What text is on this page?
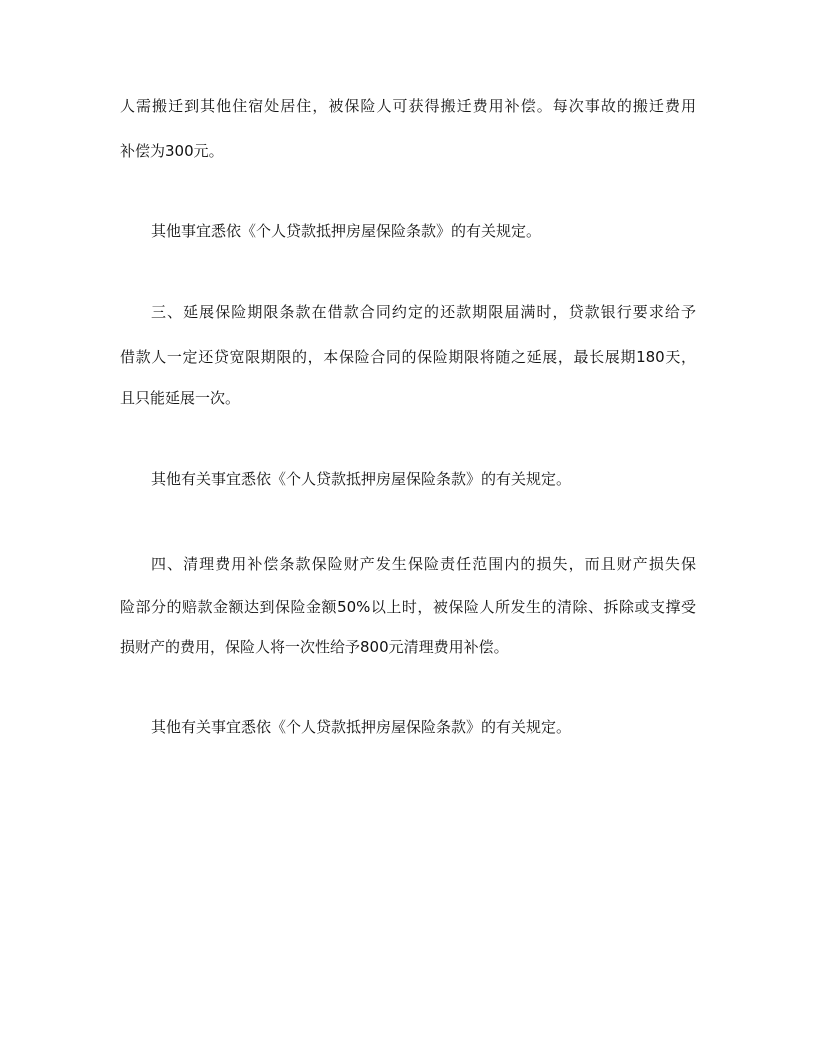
人需搬迁到其他住宿处居住，被保险人可获得搬迁费用补偿。每次事故的搬迁费用
补偿为300元。
其他事宜悉依《个人贷款抵押房屋保险条款》的有关规定。
三、延展保险期限条款在借款合同约定的还款期限届满时，贷款银行要求给予
借款人一定还贷宽限期限的，本保险合同的保险期限将随之延展，最长展期180天，
且只能延展一次。
其他有关事宜悉依《个人贷款抵押房屋保险条款》的有关规定。
四、清理费用补偿条款保险财产发生保险责任范围内的损失，而且财产损失保
险部分的赔款金额达到保险金额50%以上时，被保险人所发生的清除、拆除或支撑受
损财产的费用，保险人将一次性给予800元清理费用补偿。
其他有关事宜悉依《个人贷款抵押房屋保险条款》的有关规定。
